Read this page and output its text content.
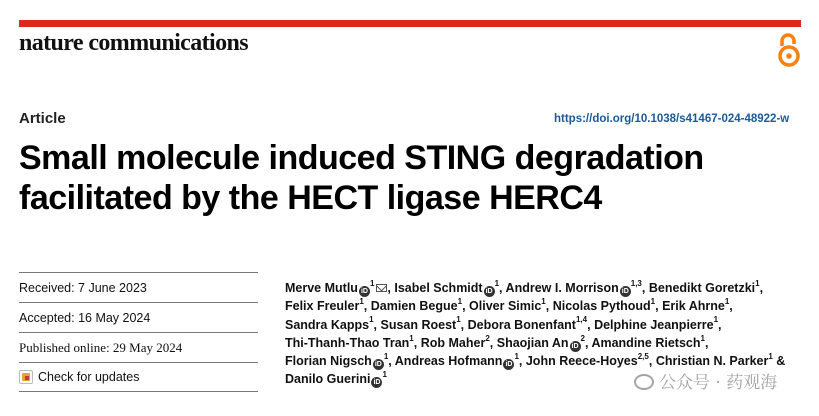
nature communications
Article	https://doi.org/10.1038/s41467-024-48922-w
Small molecule induced STING degradation facilitated by the HECT ligase HERC4
Received: 7 June 2023
Accepted: 16 May 2024
Published online: 29 May 2024
Check for updates
Merve Mutlu $iD^1$ , Isabel Schmidt $iD^1$, Andrew I. Morrison iD$^{1,3}$, Benedikt Goretzki$^1$, Felix Freuler$^1$, Damien Begue$^1$, Oliver Simic$^1$, Nicolas Pythoud$^1$, Erik Ahrne$^1$, Sandra Kapps$^1$, Susan Roest$^1$, Debora Bonenfant$^{1,4}$, Delphine Jeanpierre$^1$, Thi-Thanh-Thao Tran$^1$, Rob Maher$^2$, Shaojian An $iD^2$, Amandine Rietsch$^1$, Florian Nigsch $iD^1$, Andreas Hofmann $iD^1$, John Reece-Hoyes$^{2,5}$, Christian N. Parker$^1$ & Danilo Guerini $iD^1$	公众号 · 药观海
